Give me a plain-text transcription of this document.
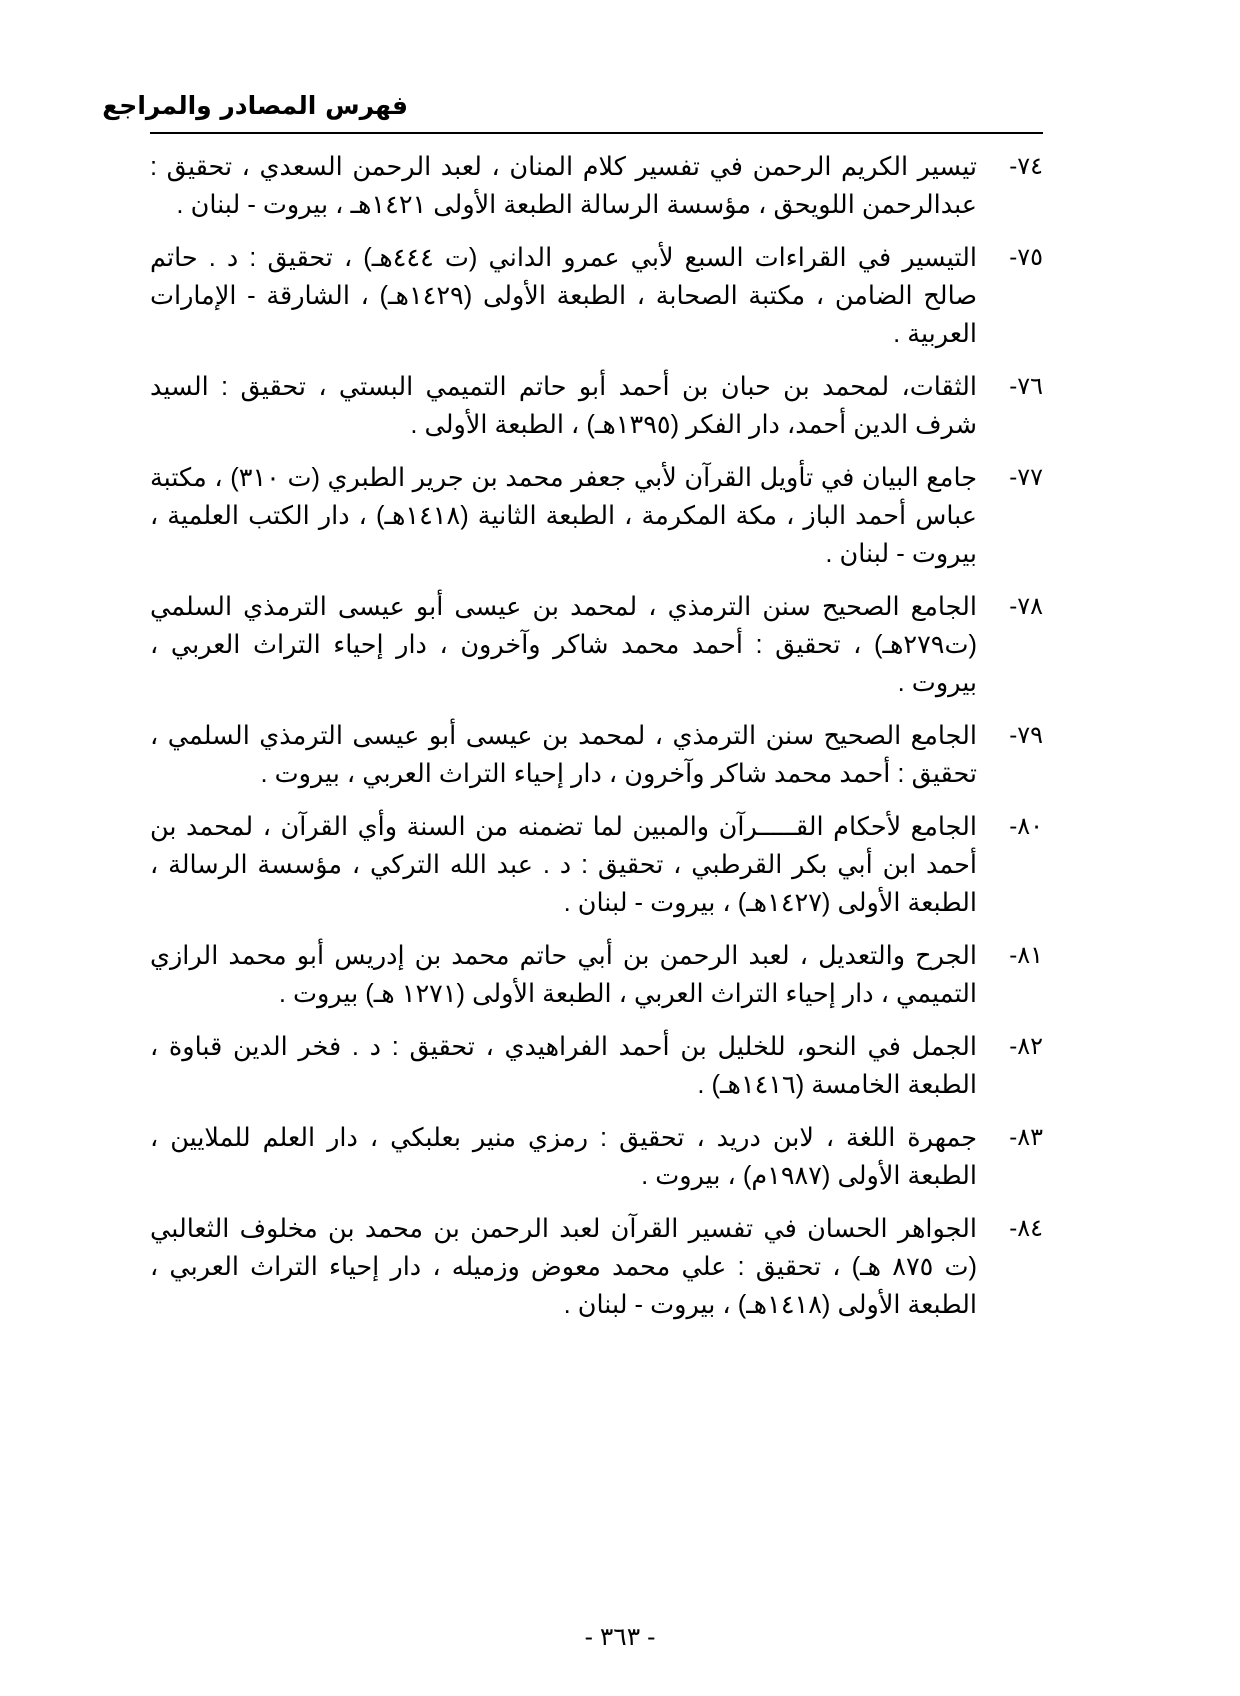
فهرس المصادر والمراجع
٧٤-
تيسير الكريم الرحمن في تفسير كلام المنان ، لعبد الرحمن السعدي ، تحقيق : عبدالرحمن اللويحق ، مؤسسة الرسالة الطبعة الأولى ١٤٢١هـ ، بيروت - لبنان .
٧٥-
التيسير في القراءات السبع لأبي عمرو الداني (ت ٤٤٤هـ) ، تحقيق : د . حاتم صالح الضامن ، مكتبة الصحابة ، الطبعة الأولى (١٤٢٩هـ) ، الشارقة - الإمارات العربية .
٧٦-
الثقات، لمحمد بن حبان بن أحمد أبو حاتم التميمي البستي ، تحقيق : السيد شرف الدين أحمد، دار الفكر (١٣٩٥هـ) ، الطبعة الأولى .
٧٧-
جامع البيان في تأويل القرآن لأبي جعفر محمد بن جرير الطبري (ت ٣١٠) ، مكتبة عباس أحمد الباز ، مكة المكرمة ، الطبعة الثانية (١٤١٨هـ) ، دار الكتب العلمية ، بيروت - لبنان .
٧٨-
الجامع الصحيح سنن الترمذي ، لمحمد بن عيسى أبو عيسى الترمذي السلمي (ت٢٧٩هـ) ، تحقيق : أحمد محمد شاكر وآخرون ، دار إحياء التراث العربي ، بيروت .
٧٩-
الجامع الصحيح سنن الترمذي ، لمحمد بن عيسى أبو عيسى الترمذي السلمي ، تحقيق : أحمد محمد شاكر وآخرون ، دار إحياء التراث العربي ، بيروت .
٨٠-
الجامع لأحكام القـــــرآن والمبين لما تضمنه من السنة وأي القرآن ، لمحمد بن أحمد ابن أبي بكر القرطبي ، تحقيق : د . عبد الله التركي ، مؤسسة الرسالة ، الطبعة الأولى (١٤٢٧هـ) ، بيروت - لبنان .
٨١-
الجرح والتعديل ، لعبد الرحمن بن أبي حاتم محمد بن إدريس أبو محمد الرازي التميمي ، دار إحياء التراث العربي ، الطبعة الأولى (١٢٧١ هـ) بيروت .
٨٢-
الجمل في النحو، للخليل بن أحمد الفراهيدي ، تحقيق : د . فخر الدين قباوة ، الطبعة الخامسة (١٤١٦هـ) .
٨٣-
جمهرة اللغة ، لابن دريد ، تحقيق : رمزي منير بعلبكي ، دار العلم للملايين ، الطبعة الأولى (١٩٨٧م) ، بيروت .
٨٤-
الجواهر الحسان في تفسير القرآن لعبد الرحمن بن محمد بن مخلوف الثعالبي (ت ٨٧٥ هـ) ، تحقيق : علي محمد معوض وزميله ، دار إحياء التراث العربي ، الطبعة الأولى (١٤١٨هـ) ، بيروت - لبنان .
- ٣٦٣ -
